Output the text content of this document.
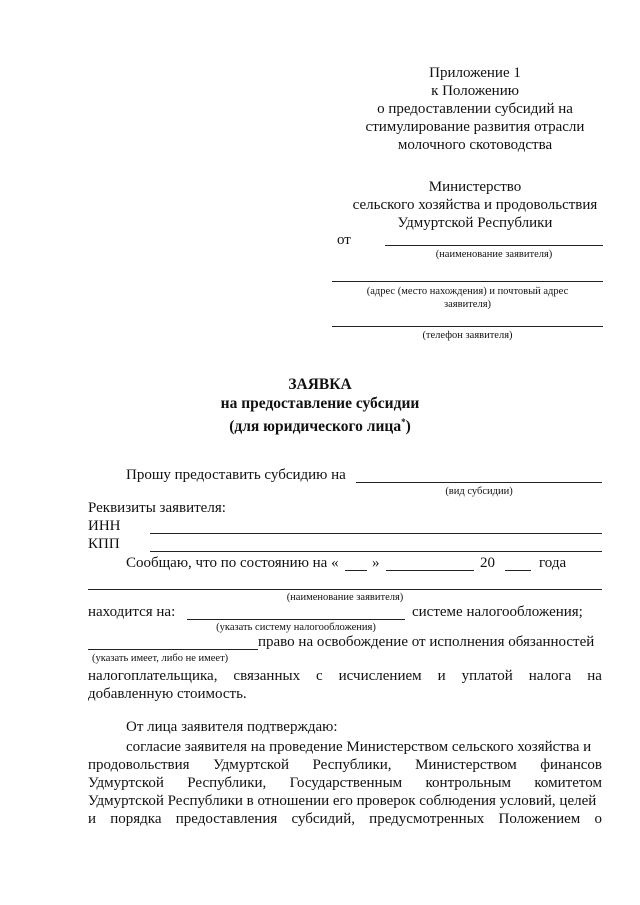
Приложение 1
к Положению
о предоставлении субсидий на
стимулирование развития отрасли
молочного скотоводства
Министерство
сельского хозяйства и продовольствия
Удмуртской Республики
от
(наименование заявителя)
(адрес (место нахождения) и почтовый адрес
заявителя)
(телефон заявителя)
ЗАЯВКА
на предоставление субсидии
(для юридического лица*)
Прошу предоставить субсидию на
(вид субсидии)
Реквизиты заявителя:
ИНН
КПП
Сообщаю, что по состоянию на « »	20	года
(наименование заявителя)
находится на:	системе налогообложения;
(указать систему налогообложения)
право на освобождение от исполнения обязанностей
(указать имеет, либо не имеет)
налогоплательщика, связанных с исчислением и уплатой налога на
добавленную стоимость.
От лица заявителя подтверждаю:
согласие заявителя на проведение Министерством сельского хозяйства и
продовольствия Удмуртской Республики, Министерством финансов
Удмуртской Республики, Государственным контрольным комитетом
Удмуртской Республики в отношении его проверок соблюдения условий, целей
и порядка предоставления субсидий, предусмотренных Положением о
